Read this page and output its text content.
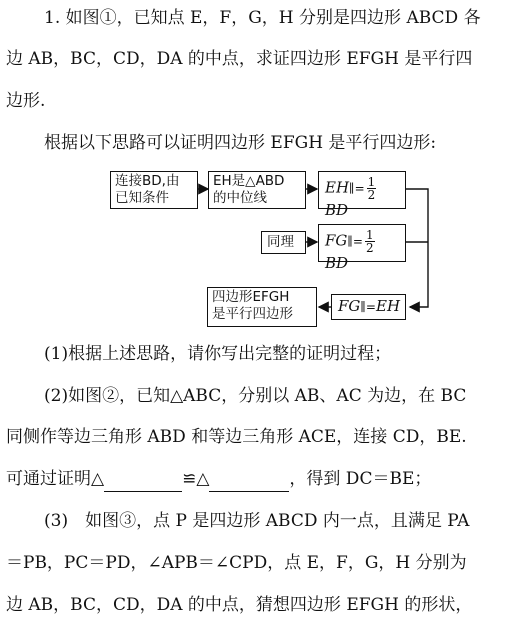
1. 如图①，已知点 E，F，G，H 分别是四边形 ABCD 各
边 AB，BC，CD，DA 的中点，求证四边形 EFGH 是平行四
边形.
根据以下思路可以证明四边形 EFGH 是平行四边形:
连接BD,由
已知条件
EH是△ABD
的中位线
EH∥= $\frac{1}{2}$
BD
同理	FG∥= $\frac{1}{2}$
BD
四边形EFGH
是平行四边形	FG∥=EH
(1)根据上述思路，请你写出完整的证明过程；
(2)如图②，已知△ABC，分别以 AB、AC 为边，在 BC
同侧作等边三角形 ABD 和等边三角形 ACE，连接 CD，BE.
可通过证明△	≌△	，得到 DC＝BE；
(3)　如图③，点 P 是四边形 ABCD 内一点，且满足 PA
＝PB，PC＝PD，∠APB＝∠CPD，点 E，F，G，H 分别为
边 AB，BC，CD，DA 的中点，猜想四边形 EFGH 的形状，
